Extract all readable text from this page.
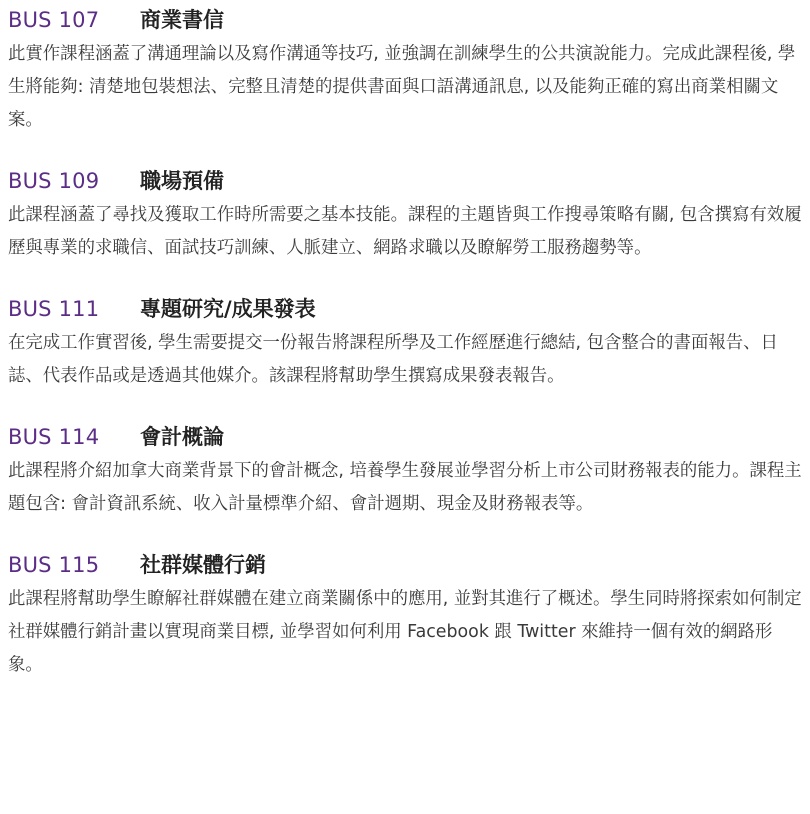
BUS 107	商業書信

此實作課程涵蓋了溝通理論以及寫作溝通等技巧, 並強調在訓練學生的公共演說能力。完成此課程後, 學生將能夠: 清楚地包裝想法、完整且清楚的提供書面與口語溝通訊息, 以及能夠正確的寫出商業相關文案。

BUS 109	職場預備

此課程涵蓋了尋找及獲取工作時所需要之基本技能。課程的主題皆與工作搜尋策略有關, 包含撰寫有效履歷與專業的求職信、面試技巧訓練、人脈建立、網路求職以及瞭解勞工服務趨勢等。

BUS 111	專題研究/成果發表

在完成工作實習後, 學生需要提交一份報告將課程所學及工作經歷進行總結, 包含整合的書面報告、日誌、代表作品或是透過其他媒介。該課程將幫助學生撰寫成果發表報告。

BUS 114	會計概論

此課程將介紹加拿大商業背景下的會計概念, 培養學生發展並學習分析上市公司財務報表的能力。課程主題包含: 會計資訊系統、收入計量標準介紹、會計週期、現金及財務報表等。

BUS 115	社群媒體行銷

此課程將幫助學生瞭解社群媒體在建立商業關係中的應用, 並對其進行了概述。學生同時將探索如何制定社群媒體行銷計畫以實現商業目標, 並學習如何利用 Facebook 跟 Twitter 來維持一個有效的網路形象。
